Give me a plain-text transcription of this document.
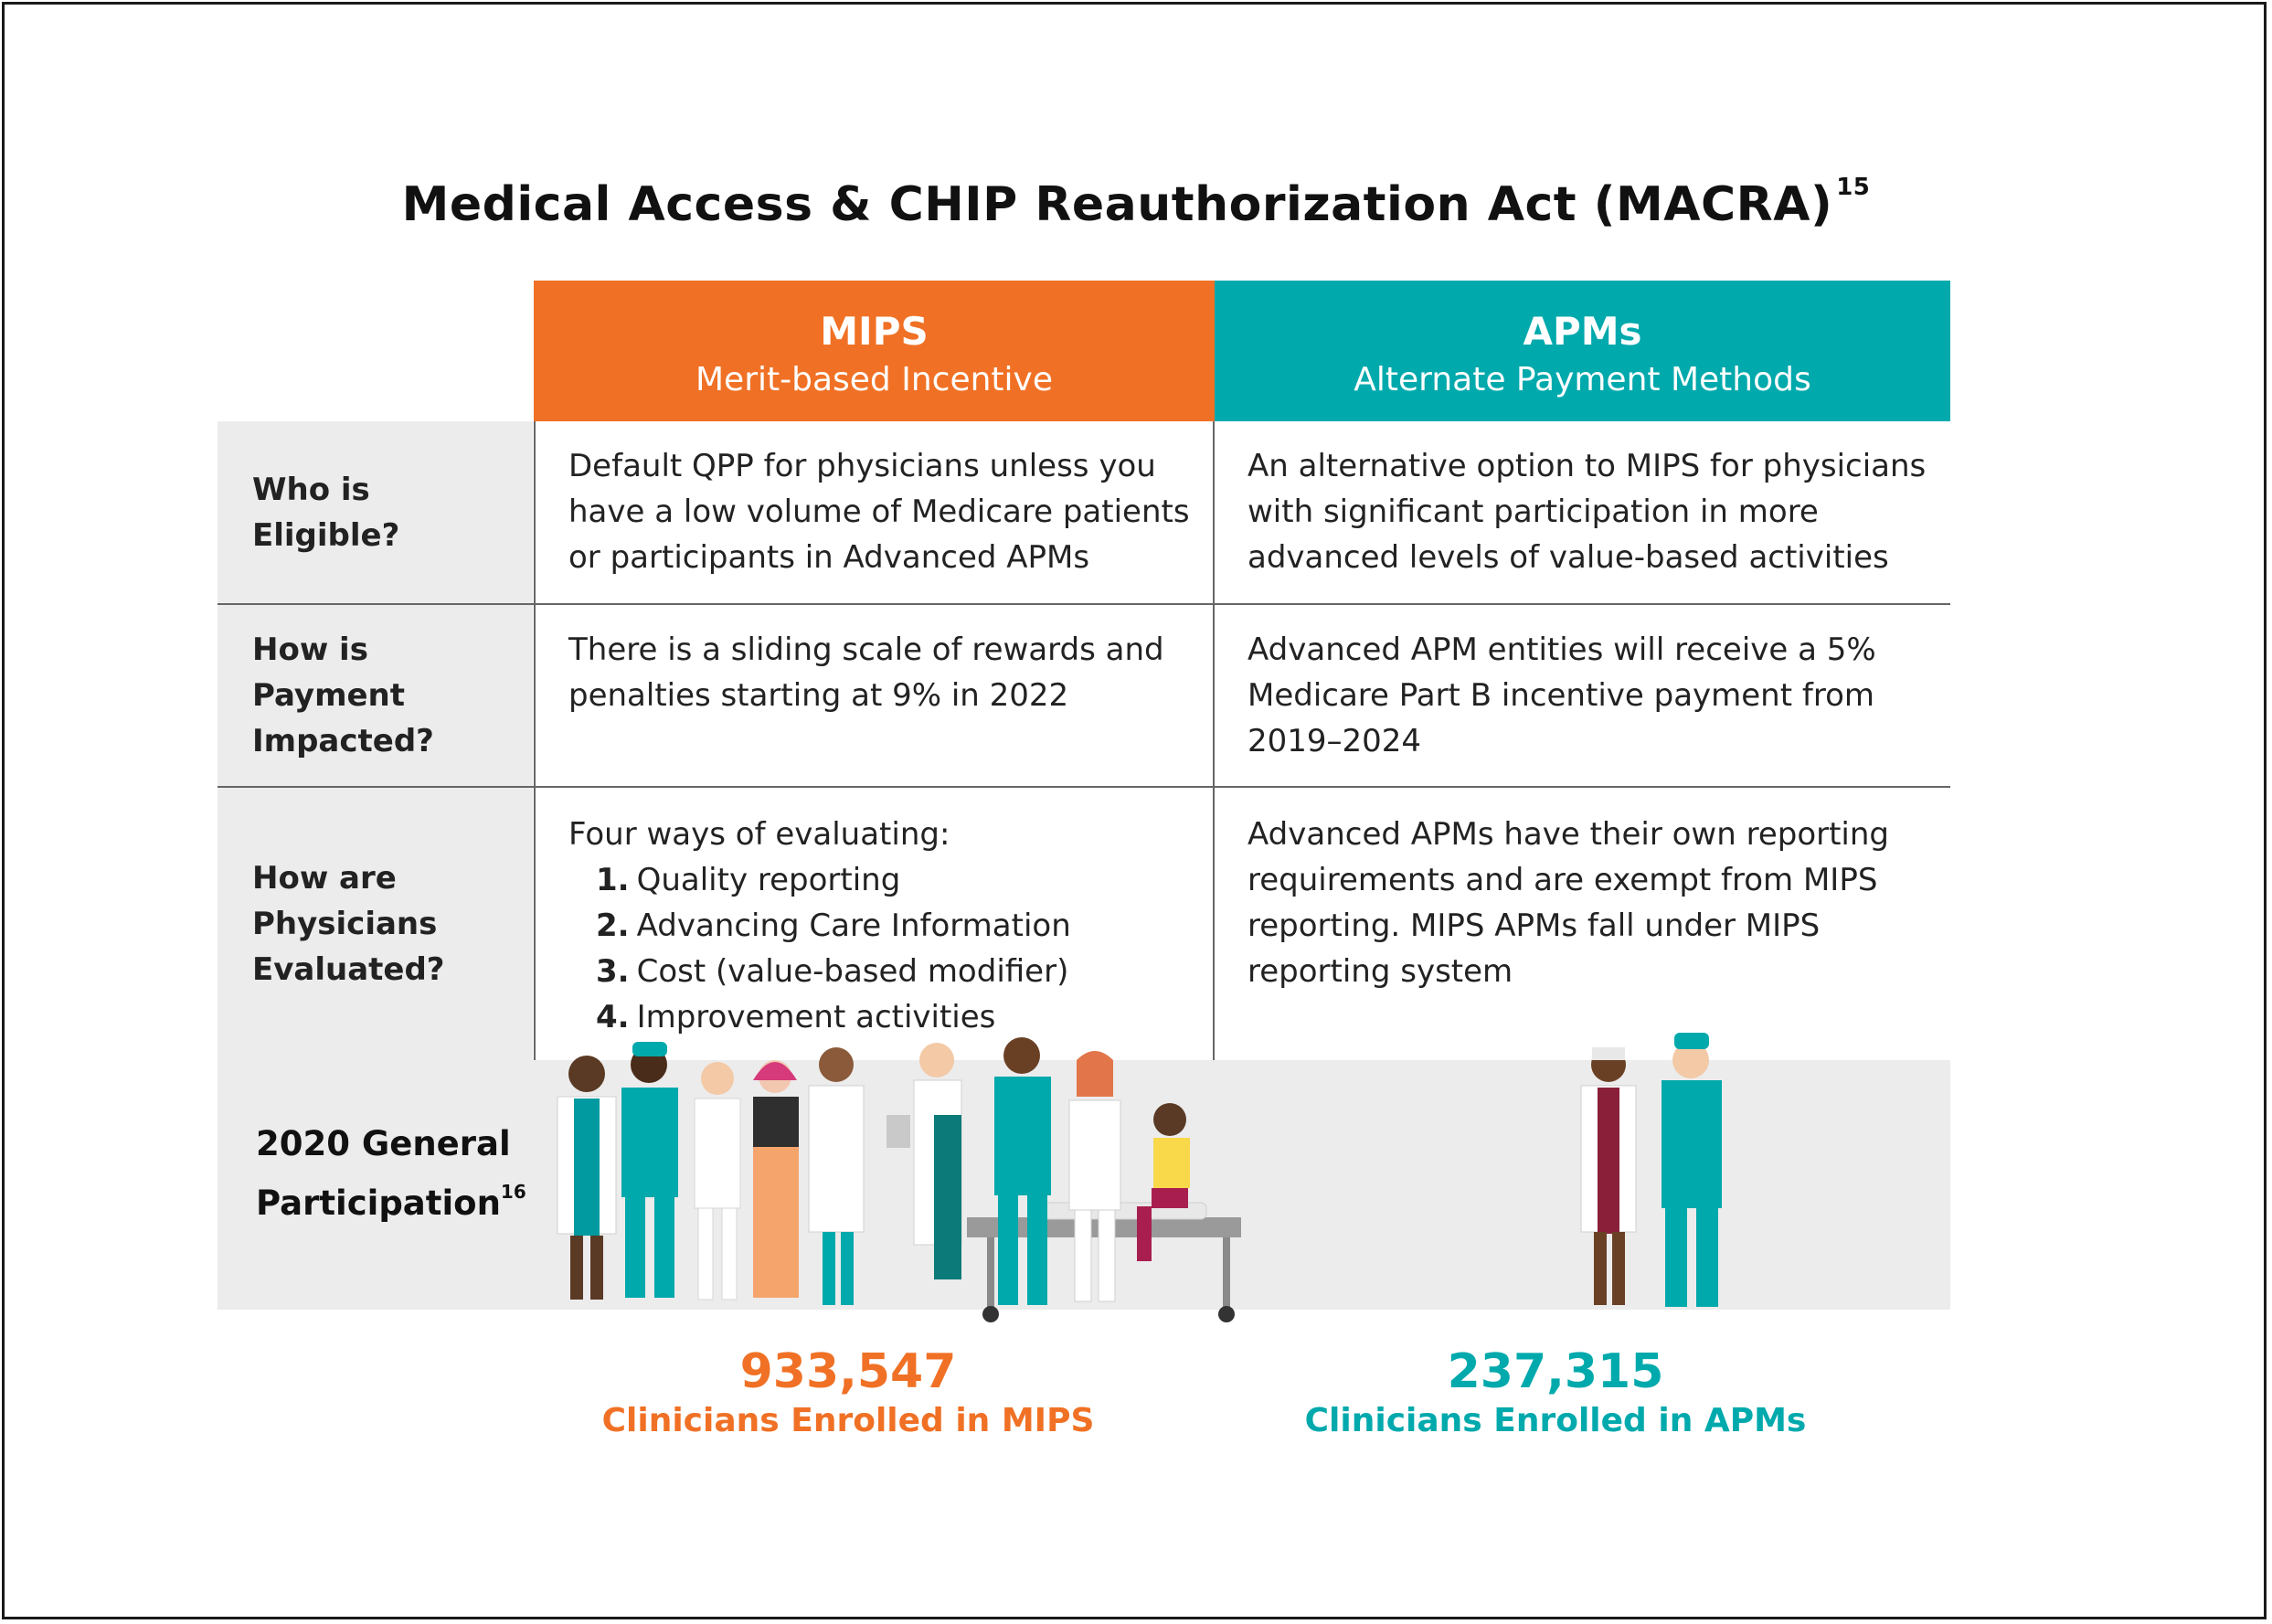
Medical Access & CHIP Reauthorization Act (MACRA) $^{15}$
MIPS
Merit-based Incentive
APMs
Alternate Payment Methods
Who is
Eligible?
Default QPP for physicians unless you
have a low volume of Medicare patients
or participants in Advanced APMs
An alternative option to MIPS for physicians
with significant participation in more
advanced levels of value-based activities
How is
Payment
Impacted?
There is a sliding scale of rewards and
penalties starting at 9% in 2022
Advanced APM entities will receive a 5%
Medicare Part B incentive payment from
2019–2024
How are
Physicians
Evaluated?
Four ways of evaluating:
1. Quality reporting
2. Advancing Care Information
3. Cost (value-based modifier)
4. Improvement activities
Advanced APMs have their own reporting
requirements and are exempt from MIPS
reporting. MIPS APMs fall under MIPS
reporting system
2020 General
Participation$^{16}$
933,547
Clinicians Enrolled in MIPS
237,315
Clinicians Enrolled in APMs
